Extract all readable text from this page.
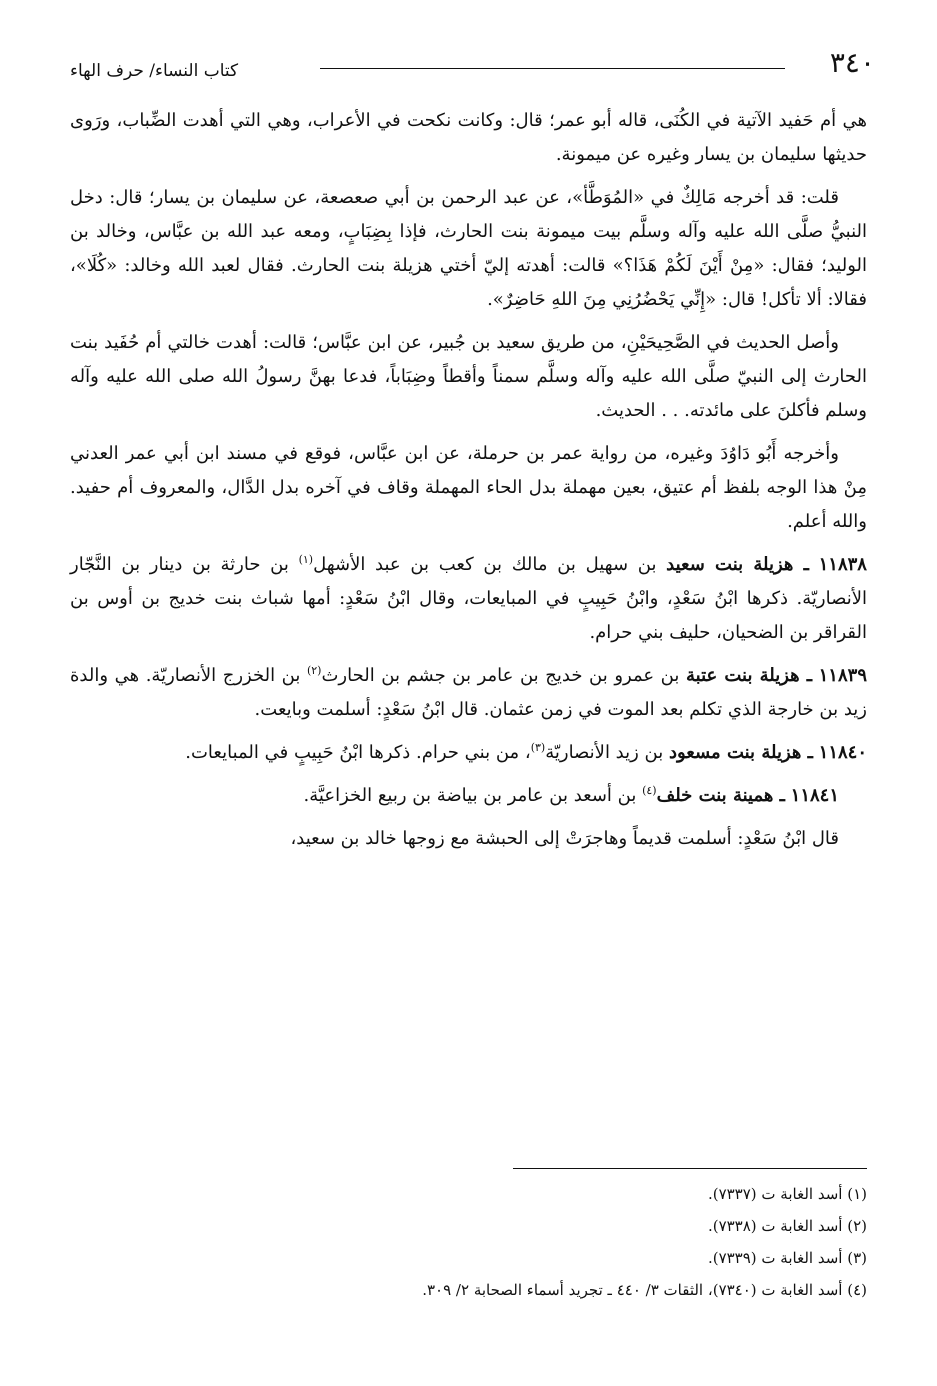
٣٤٠
كتاب النساء/ حرف الهاء

هي أم حَفيد الآتية في الكُنَى، قاله أبو عمر؛ قال: وكانت نكحت في الأعراب، وهي التي أهدت الضِّباب، ورَوى حديثها سليمان بن يسار وغيره عن ميمونة.

قلت: قد أخرجه مَالِكٌ في «المُوَطَّأ»، عن عبد الرحمن بن أبي صعصعة، عن سليمان بن يسار؛ قال: دخل النبيُّ صلَّى الله عليه وآله وسلَّم بيت ميمونة بنت الحارث، فإذا بِضِبَابٍ، ومعه عبد الله بن عبَّاس، وخالد بن الوليد؛ فقال: «مِنْ أَيْنَ لَكُمْ هَذَا؟» قالت: أهدته إليّ أختي هزيلة بنت الحارث. فقال لعبد الله وخالد: «كُلَا»، فقالا: ألا تأكل! قال: «إِنِّي يَحْضُرُنِي مِنَ اللهِ حَاضِرٌ».

وأصل الحديث في الصَّحِيحَيْنِ، من طريق سعيد بن جُبير، عن ابن عبَّاس؛ قالت: أهدت خالتي أم حُفَيد بنت الحارث إلى النبيّ صلَّى الله عليه وآله وسلَّم سمناً وأقطاً وضِبَاباً، فدعا بهنَّ رسولُ الله صلى الله عليه وآله وسلم فأكلنَ على مائدته. . . الحديث.

وأخرجه أَبُو دَاوُدَ وغيره، من رواية عمر بن حرملة، عن ابن عبَّاس، فوقع في مسند ابن أبي عمر العدني مِنْ هذا الوجه بلفظ أم عتيق، بعين مهملة بدل الحاء المهملة وقاف في آخره بدل الدَّال، والمعروف أم حفيد. والله أعلم.

١١٨٣٨ ـ هزيلة بنت سعيد بن سهيل بن مالك بن كعب بن عبد الأشهل$^{(١)}$ بن حارثة بن دينار بن النَّجّار الأنصاريّة. ذكرها ابْنُ سَعْدٍ، وابْنُ حَبِيبٍ في المبايعات، وقال ابْنُ سَعْدٍ: أمها شباث بنت خديج بن أوس بن القراقر بن الضحيان، حليف بني حرام.

١١٨٣٩ ـ هزيلة بنت عتبة بن عمرو بن خديج بن عامر بن جشم بن الحارث$^{(٢)}$ بن الخزرج الأنصاريّة. هي والدة زيد بن خارجة الذي تكلم بعد الموت في زمن عثمان. قال ابْنُ سَعْدٍ: أسلمت وبايعت.

١١٨٤٠ ـ هزيلة بنت مسعود بن زيد الأنصاريّة$^{(٣)}$، من بني حرام. ذكرها ابْنُ حَبِيبٍ في المبايعات.

١١٨٤١ ـ همينة بنت خلف$^{(٤)}$ بن أسعد بن عامر بن بياضة بن ربيع الخزاعيَّة.

قال ابْنُ سَعْدٍ: أسلمت قديماً وهاجرَتْ إلى الحبشة مع زوجها خالد بن سعيد،

(١) أسد الغابة ت (٧٣٣٧).
(٢) أسد الغابة ت (٧٣٣٨).
(٣) أسد الغابة ت (٧٣٣٩).
(٤) أسد الغابة ت (٧٣٤٠)، الثقات ٣/ ٤٤٠ ـ تجريد أسماء الصحابة ٢/ ٣٠٩.
